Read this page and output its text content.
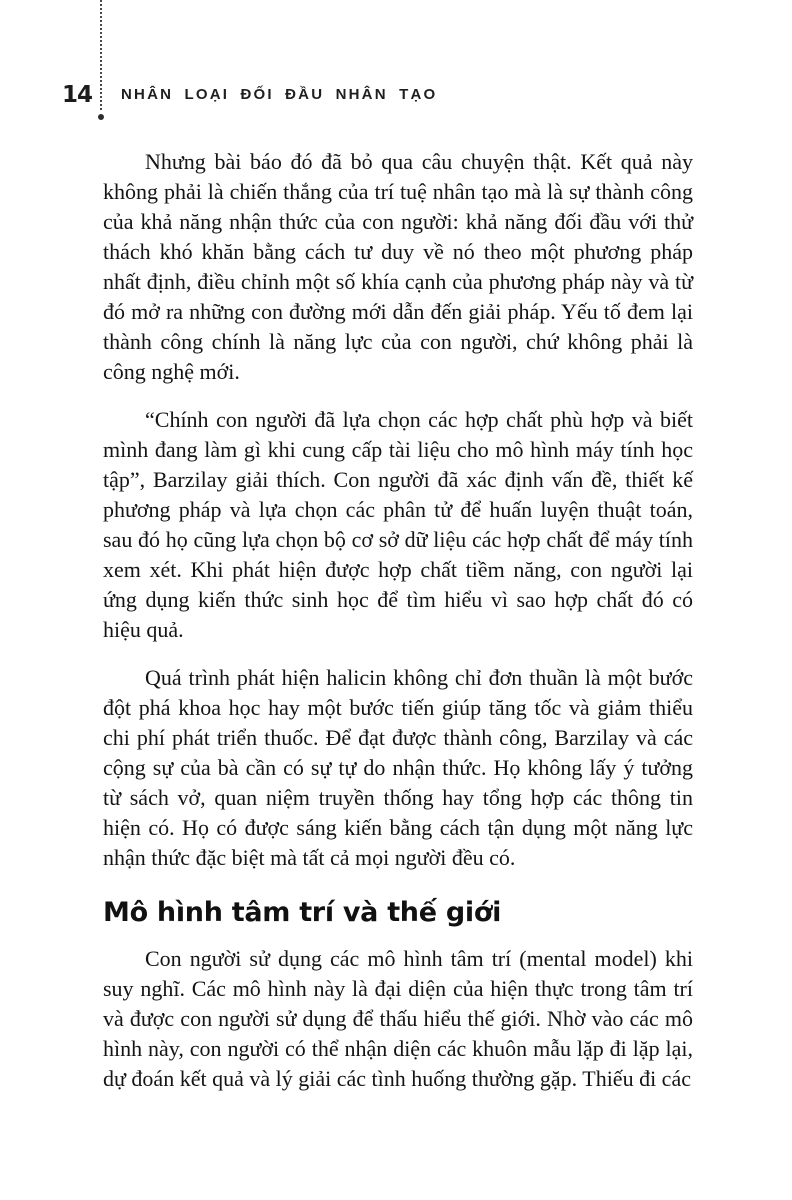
14 NHÂN LOẠI ĐỐI ĐẦU NHÂN TẠO

Nhưng bài báo đó đã bỏ qua câu chuyện thật. Kết quả này không phải là chiến thắng của trí tuệ nhân tạo mà là sự thành công của khả năng nhận thức của con người: khả năng đối đầu với thử thách khó khăn bằng cách tư duy về nó theo một phương pháp nhất định, điều chỉnh một số khía cạnh của phương pháp này và từ đó mở ra những con đường mới dẫn đến giải pháp. Yếu tố đem lại thành công chính là năng lực của con người, chứ không phải là công nghệ mới.

“Chính con người đã lựa chọn các hợp chất phù hợp và biết mình đang làm gì khi cung cấp tài liệu cho mô hình máy tính học tập”, Barzilay giải thích. Con người đã xác định vấn đề, thiết kế phương pháp và lựa chọn các phân tử để huấn luyện thuật toán, sau đó họ cũng lựa chọn bộ cơ sở dữ liệu các hợp chất để máy tính xem xét. Khi phát hiện được hợp chất tiềm năng, con người lại ứng dụng kiến thức sinh học để tìm hiểu vì sao hợp chất đó có hiệu quả.

Quá trình phát hiện halicin không chỉ đơn thuần là một bước đột phá khoa học hay một bước tiến giúp tăng tốc và giảm thiểu chi phí phát triển thuốc. Để đạt được thành công, Barzilay và các cộng sự của bà cần có sự tự do nhận thức. Họ không lấy ý tưởng từ sách vở, quan niệm truyền thống hay tổng hợp các thông tin hiện có. Họ có được sáng kiến bằng cách tận dụng một năng lực nhận thức đặc biệt mà tất cả mọi người đều có.

Mô hình tâm trí và thế giới

Con người sử dụng các mô hình tâm trí (mental model) khi suy nghĩ. Các mô hình này là đại diện của hiện thực trong tâm trí và được con người sử dụng để thấu hiểu thế giới. Nhờ vào các mô hình này, con người có thể nhận diện các khuôn mẫu lặp đi lặp lại, dự đoán kết quả và lý giải các tình huống thường gặp. Thiếu đi các
